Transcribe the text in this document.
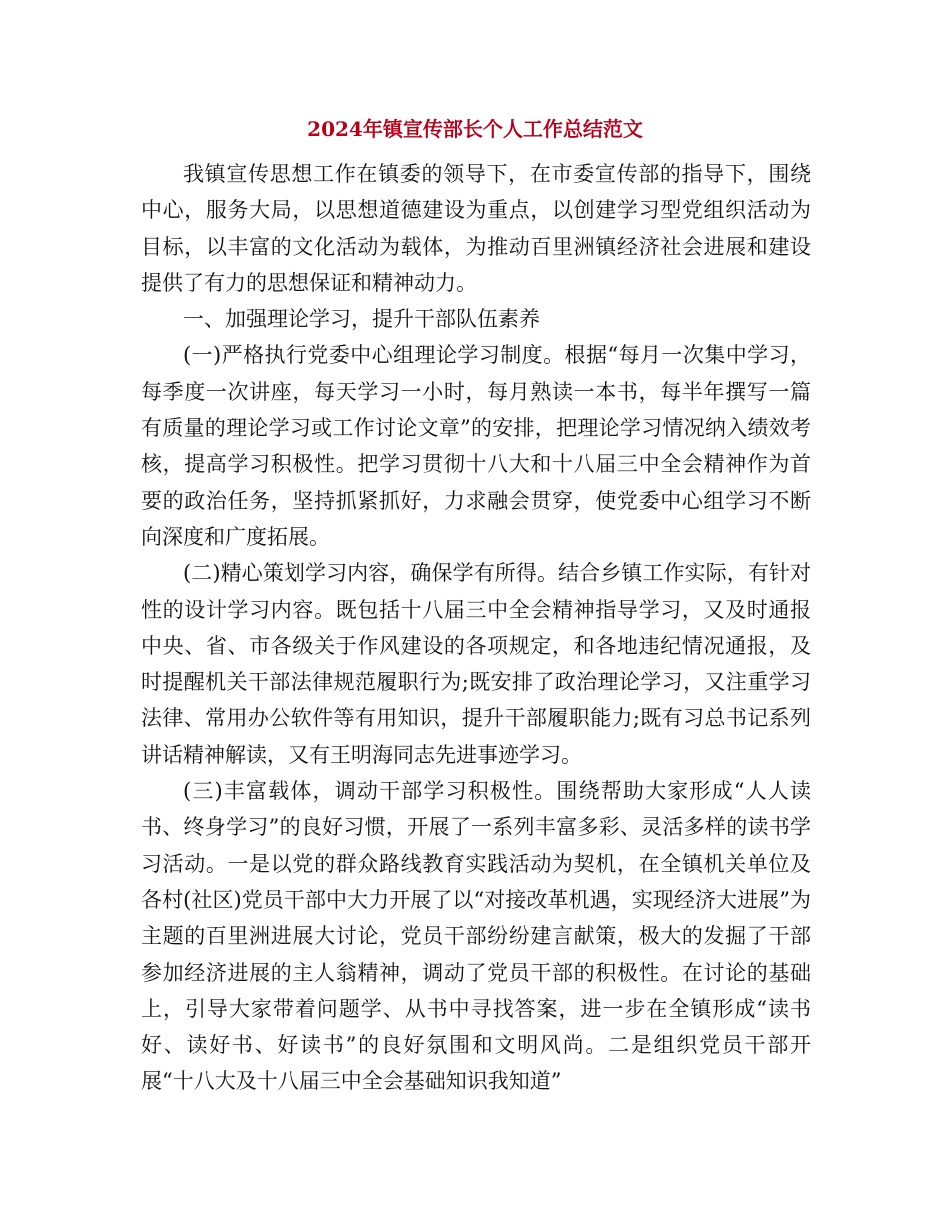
2024年镇宣传部长个人工作总结范文

我镇宣传思想工作在镇委的领导下，在市委宣传部的指导下，围绕中心，服务大局，以思想道德建设为重点，以创建学习型党组织活动为目标，以丰富的文化活动为载体，为推动百里洲镇经济社会进展和建设提供了有力的思想保证和精神动力。

一、加强理论学习，提升干部队伍素养

(一)严格执行党委中心组理论学习制度。根据“每月一次集中学习，每季度一次讲座，每天学习一小时，每月熟读一本书，每半年撰写一篇有质量的理论学习或工作讨论文章”的安排，把理论学习情况纳入绩效考核，提高学习积极性。把学习贯彻十八大和十八届三中全会精神作为首要的政治任务，坚持抓紧抓好，力求融会贯穿，使党委中心组学习不断向深度和广度拓展。

(二)精心策划学习内容，确保学有所得。结合乡镇工作实际，有针对性的设计学习内容。既包括十八届三中全会精神指导学习，又及时通报中央、省、市各级关于作风建设的各项规定，和各地违纪情况通报，及时提醒机关干部法律规范履职行为;既安排了政治理论学习，又注重学习法律、常用办公软件等有用知识，提升干部履职能力;既有习总书记系列讲话精神解读，又有王明海同志先进事迹学习。

(三)丰富载体，调动干部学习积极性。围绕帮助大家形成“人人读书、终身学习”的良好习惯，开展了一系列丰富多彩、灵活多样的读书学习活动。一是以党的群众路线教育实践活动为契机，在全镇机关单位及各村(社区)党员干部中大力开展了以“对接改革机遇，实现经济大进展”为主题的百里洲进展大讨论，党员干部纷纷建言献策，极大的发掘了干部参加经济进展的主人翁精神，调动了党员干部的积极性。在讨论的基础上，引导大家带着问题学、从书中寻找答案，进一步在全镇形成“读书好、读好书、好读书”的良好氛围和文明风尚。二是组织党员干部开展“十八大及十八届三中全会基础知识我知道”
